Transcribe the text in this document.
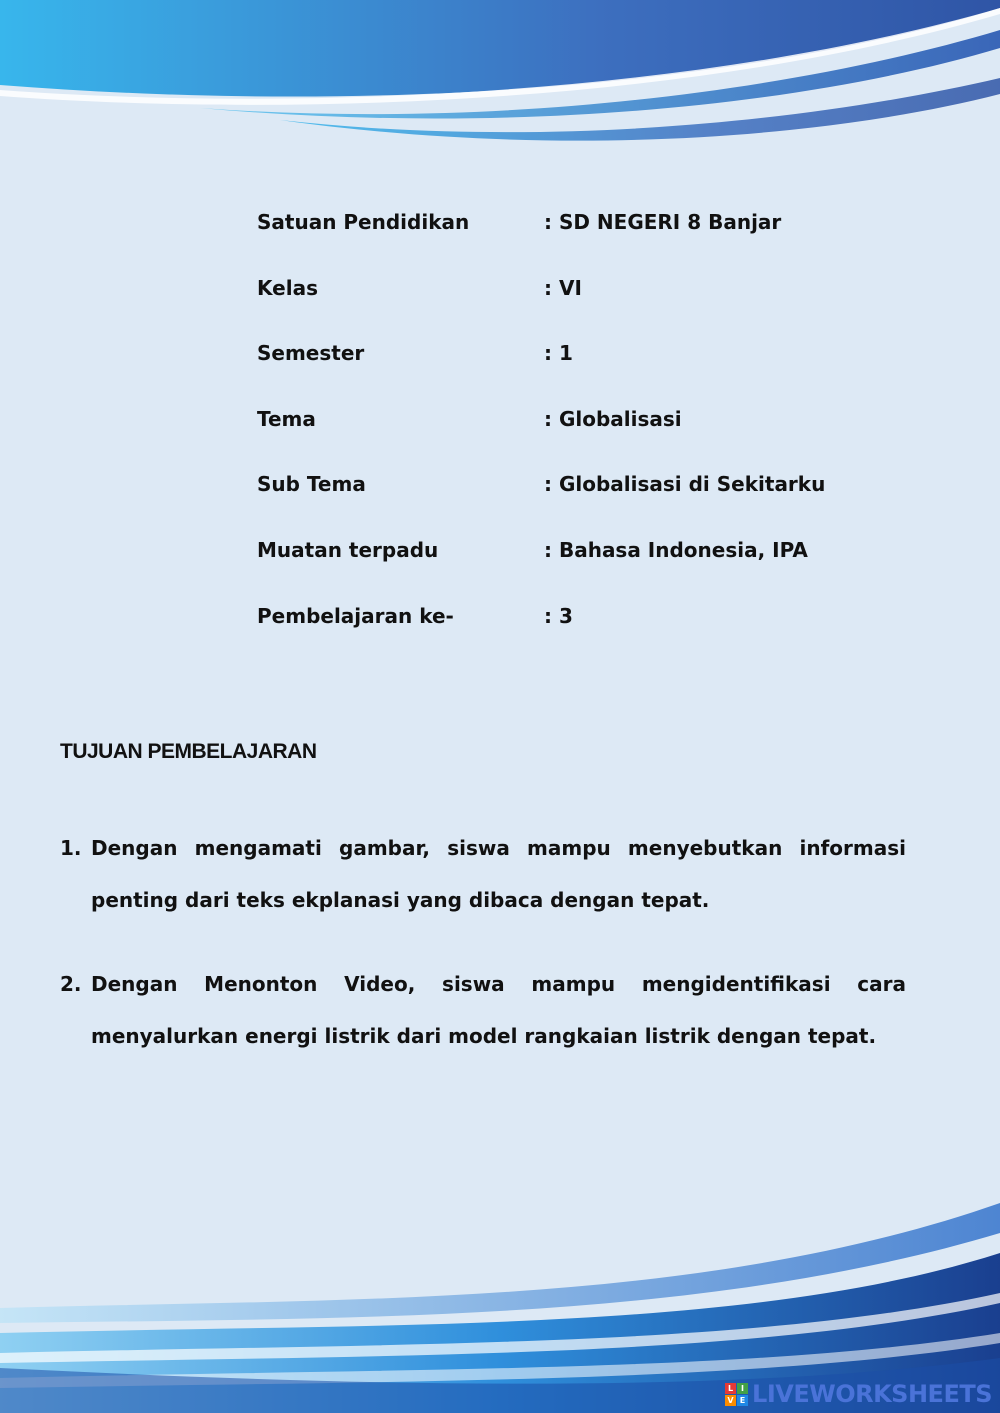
Satuan Pendidikan	: SD NEGERI 8 Banjar
Kelas	: VI
Semester	: 1
Tema	: Globalisasi
Sub Tema	: Globalisasi di Sekitarku
Muatan terpadu	: Bahasa Indonesia, IPA
Pembelajaran ke-	: 3
TUJUAN PEMBELAJARAN
1. Dengan mengamati gambar, siswa mampu menyebutkan informasi penting dari teks ekplanasi yang dibaca dengan tepat.
2. Dengan Menonton Video, siswa mampu mengidentifikasi cara menyalurkan energi listrik dari model rangkaian listrik dengan tepat.
L I
V E LIVEWORKSHEETS
